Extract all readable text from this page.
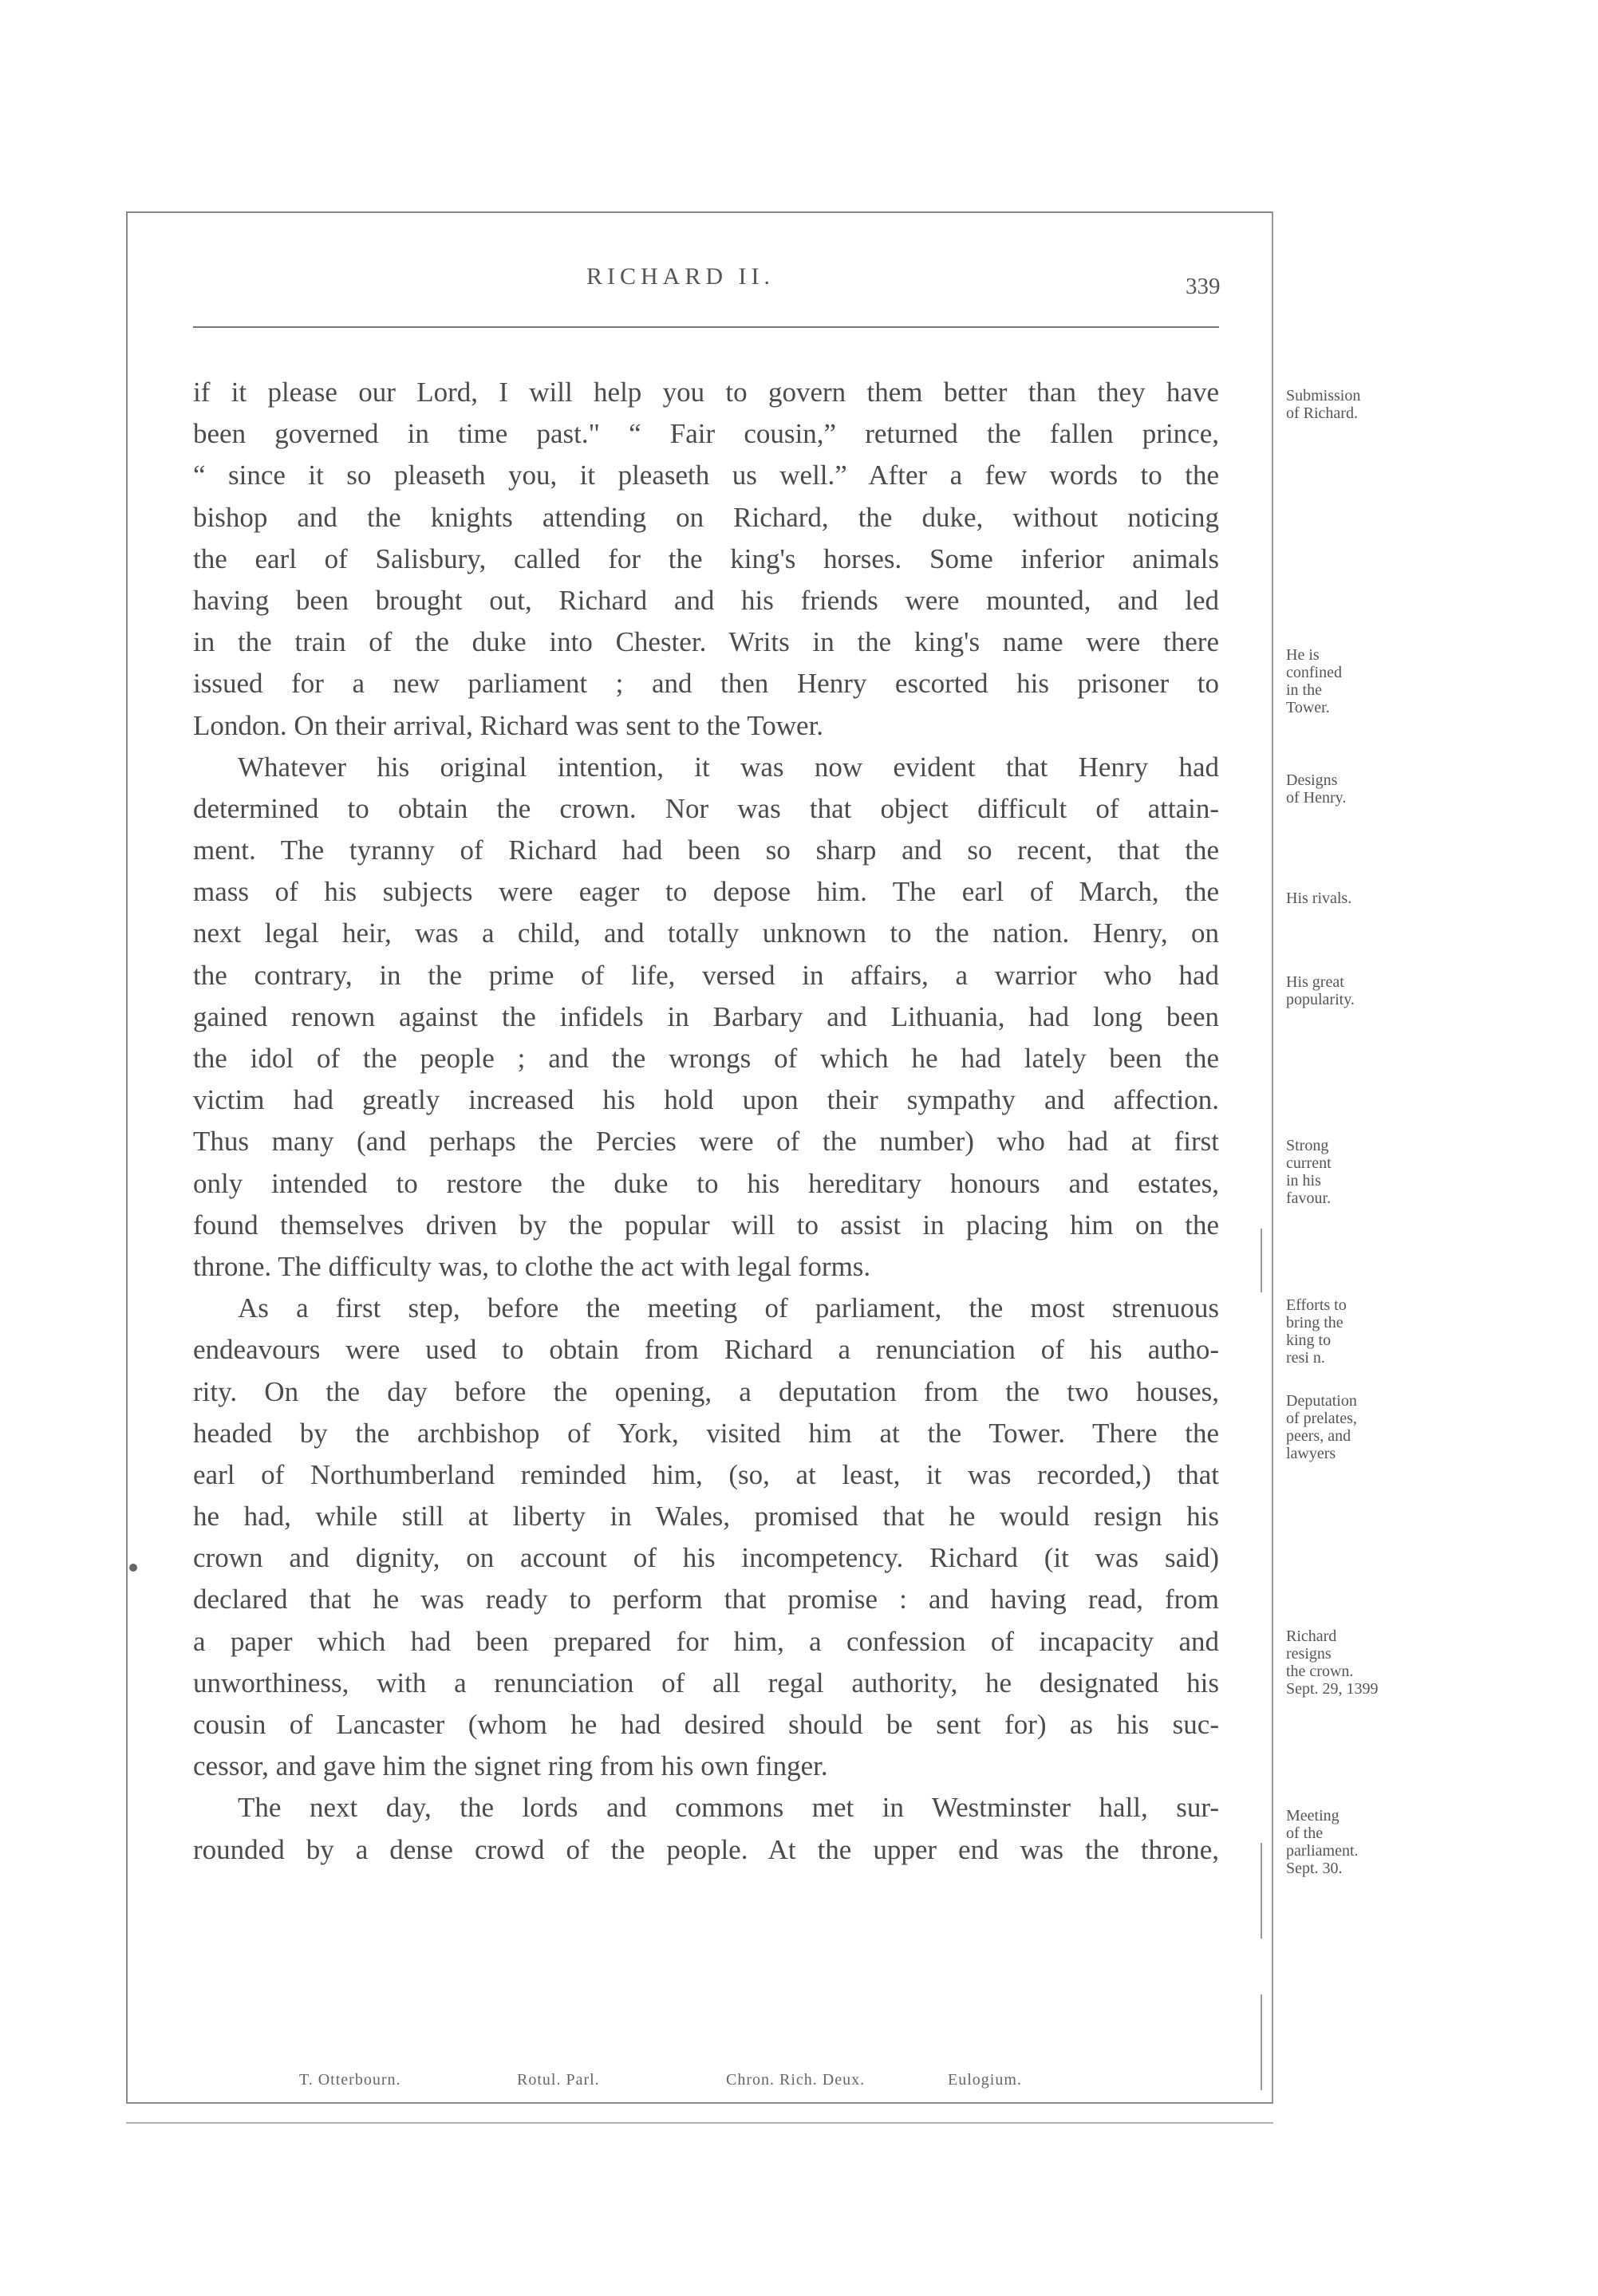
RICHARD II.	339
if it please our Lord, I will help you to govern them better than they have
been governed in time past." “ Fair cousin,” returned the fallen prince,
“ since it so pleaseth you, it pleaseth us well.” After a few words to the
bishop and the knights attending on Richard, the duke, without noticing
the earl of Salisbury, called for the king's horses. Some inferior animals
having been brought out, Richard and his friends were mounted, and led
in the train of the duke into Chester. Writs in the king's name were there
issued for a new parliament ; and then Henry escorted his prisoner to
London. On their arrival, Richard was sent to the Tower.
Whatever his original intention, it was now evident that Henry had
determined to obtain the crown. Nor was that object difficult of attain-
ment. The tyranny of Richard had been so sharp and so recent, that the
mass of his subjects were eager to depose him. The earl of March, the
next legal heir, was a child, and totally unknown to the nation. Henry, on
the contrary, in the prime of life, versed in affairs, a warrior who had
gained renown against the infidels in Barbary and Lithuania, had long been
the idol of the people ; and the wrongs of which he had lately been the
victim had greatly increased his hold upon their sympathy and affection.
Thus many (and perhaps the Percies were of the number) who had at first
only intended to restore the duke to his hereditary honours and estates,
found themselves driven by the popular will to assist in placing him on the
throne. The difficulty was, to clothe the act with legal forms.
As a first step, before the meeting of parliament, the most strenuous
endeavours were used to obtain from Richard a renunciation of his autho-
rity. On the day before the opening, a deputation from the two houses,
headed by the archbishop of York, visited him at the Tower. There the
earl of Northumberland reminded him, (so, at least, it was recorded,) that
he had, while still at liberty in Wales, promised that he would resign his
crown and dignity, on account of his incompetency. Richard (it was said)
declared that he was ready to perform that promise : and having read, from
a paper which had been prepared for him, a confession of incapacity and
unworthiness, with a renunciation of all regal authority, he designated his
cousin of Lancaster (whom he had desired should be sent for) as his suc-
cessor, and gave him the signet ring from his own finger.
The next day, the lords and commons met in Westminster hall, sur-
rounded by a dense crowd of the people. At the upper end was the throne,
Submission
of Richard.
He is
confined
in the
Tower.
Designs
of Henry.
His rivals.
His great
popularity.
Strong
current
in his
favour.
Efforts to
bring the
king to
resi n.
Deputation
of prelates,
peers, and
lawyers
Richard
resigns
the crown.
Sept. 29, 1399
Meeting
of the
parliament.
Sept. 30.
T. Otterbourn.	Rotul. Parl.	Chron. Rich. Deux.	Eulogium.
